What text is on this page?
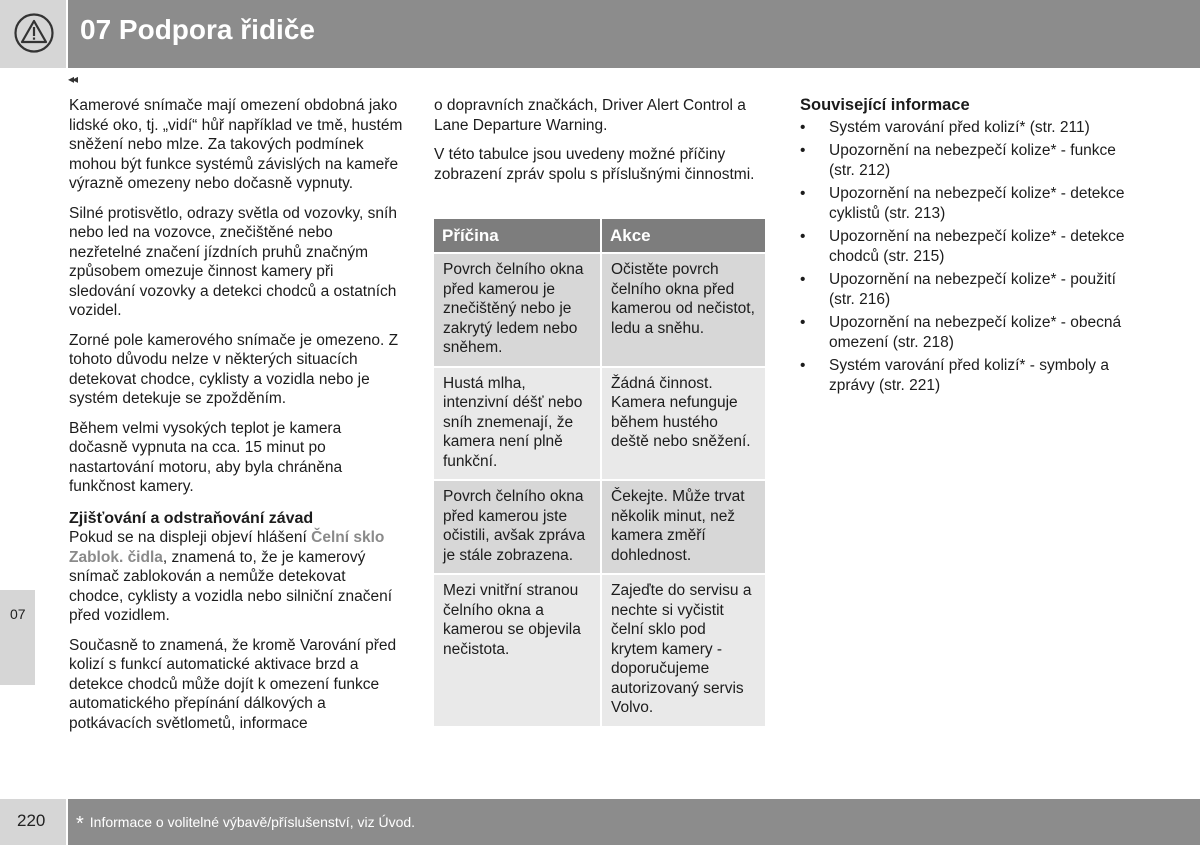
07 Podpora řidiče
◂◂
07

Kamerové snímače mají omezení obdobná jako lidské oko, tj. „vidí“ hůř například ve tmě, hustém sněžení nebo mlze. Za takových podmínek mohou být funkce systémů závislých na kameře výrazně omezeny nebo dočasně vypnuty.

Silné protisvětlo, odrazy světla od vozovky, sníh nebo led na vozovce, znečištěné nebo nezřetelné značení jízdních pruhů značným způsobem omezuje činnost kamery při sledování vozovky a detekci chodců a ostatních vozidel.

Zorné pole kamerového snímače je omezeno. Z tohoto důvodu nelze v některých situacích detekovat chodce, cyklisty a vozidla nebo je systém detekuje se zpožděním.

Během velmi vysokých teplot je kamera dočasně vypnuta na cca. 15 minut po nastartování motoru, aby byla chráněna funkčnost kamery.

Zjišťování a odstraňování závad

Pokud se na displeji objeví hlášení Čelní sklo Zablok. čidla, znamená to, že je kamerový snímač zablokován a nemůže detekovat chodce, cyklisty a vozidla nebo silniční značení před vozidlem.

Současně to znamená, že kromě Varování před kolizí s funkcí automatické aktivace brzd a detekce chodců může dojít k omezení funkce automatického přepínání dálkových a potkávacích světlometů, informace

o dopravních značkách, Driver Alert Control a Lane Departure Warning.

V této tabulce jsou uvedeny možné příčiny zobrazení zpráv spolu s příslušnými činnostmi.

Příčina	Akce
Povrch čelního okna před kamerou je znečištěný nebo je zakrytý ledem nebo sněhem.	Očistěte povrch čelního okna před kamerou od nečistot, ledu a sněhu.
Hustá mlha, intenzivní déšť nebo sníh znemenají, že kamera není plně funkční.	Žádná činnost. Kamera nefunguje během hustého deště nebo sněžení.
Povrch čelního okna před kamerou jste očistili, avšak zpráva je stále zobrazena.	Čekejte. Může trvat několik minut, než kamera změří dohlednost.
Mezi vnitřní stranou čelního okna a kamerou se objevila nečistota.	Zajeďte do servisu a nechte si vyčistit čelní sklo pod krytem kamery - doporučujeme autorizovaný servis Volvo.
Související informace
• Systém varování před kolizí* (str. 211)
• Upozornění na nebezpečí kolize* - funkce (str. 212)
• Upozornění na nebezpečí kolize* - detekce cyklistů (str. 213)
• Upozornění na nebezpečí kolize* - detekce chodců (str. 215)
• Upozornění na nebezpečí kolize* - použití (str. 216)
• Upozornění na nebezpečí kolize* - obecná omezení (str. 218)
• Systém varování před kolizí* - symboly a zprávy (str. 221)
220 * Informace o volitelné výbavě/příslušenství, viz Úvod.
